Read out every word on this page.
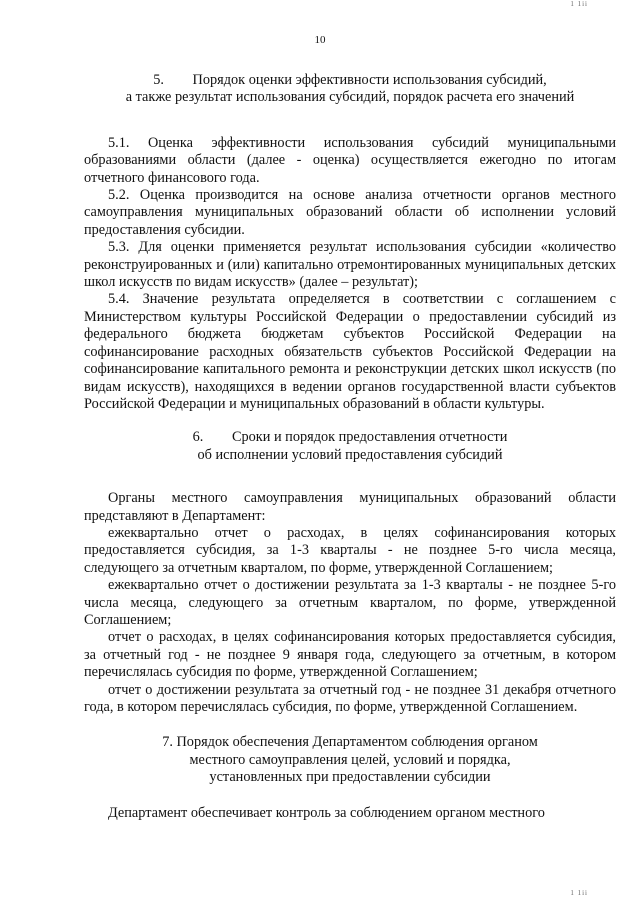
1 1ii
10

5.  Порядок оценки эффективности использования субсидий,

а также результат использования субсидий, порядок расчета его значений

5.1. Оценка эффективности использования субсидий муниципальными образованиями области (далее - оценка) осуществляется ежегодно по итогам отчетного финансового года.

5.2. Оценка производится на основе анализа отчетности органов местного самоуправления муниципальных образований области об исполнении условий предоставления субсидии.

5.3. Для оценки применяется результат использования субсидии «количество реконструированных и (или) капитально отремонтированных муниципальных детских школ искусств по видам искусств» (далее – результат);

5.4. Значение результата определяется в соответствии с соглашением с Министерством культуры Российской Федерации о предоставлении субсидий из федерального бюджета бюджетам субъектов Российской Федерации на софинансирование расходных обязательств субъектов Российской Федерации на софинансирование капитального ремонта и реконструкции детских школ искусств (по видам искусств), находящихся в ведении органов государственной власти субъектов Российской Федерации и муниципальных образований в области культуры.

6.  Сроки и порядок предоставления отчетности

об исполнении условий предоставления субсидий

Органы местного самоуправления муниципальных образований области представляют в Департамент:

ежеквартально отчет о расходах, в целях софинансирования которых предоставляется субсидия, за 1-3 кварталы - не позднее 5-го числа месяца, следующего за отчетным кварталом, по форме, утвержденной Соглашением;

ежеквартально отчет о достижении результата за 1-3 кварталы - не позднее 5-го числа месяца, следующего за отчетным кварталом, по форме, утвержденной Соглашением;

отчет о расходах, в целях софинансирования которых предоставляется субсидия, за отчетный год - не позднее 9 января года, следующего за отчетным, в котором перечислялась субсидия по форме, утвержденной Соглашением;

отчет о достижении результата за отчетный год - не позднее 31 декабря отчетного года, в котором перечислялась субсидия, по форме, утвержденной Соглашением.

7. Порядок обеспечения Департаментом соблюдения органом

местного самоуправления целей, условий и порядка,

установленных при предоставлении субсидии

Департамент обеспечивает контроль за соблюдением органом местного

1 1ii
